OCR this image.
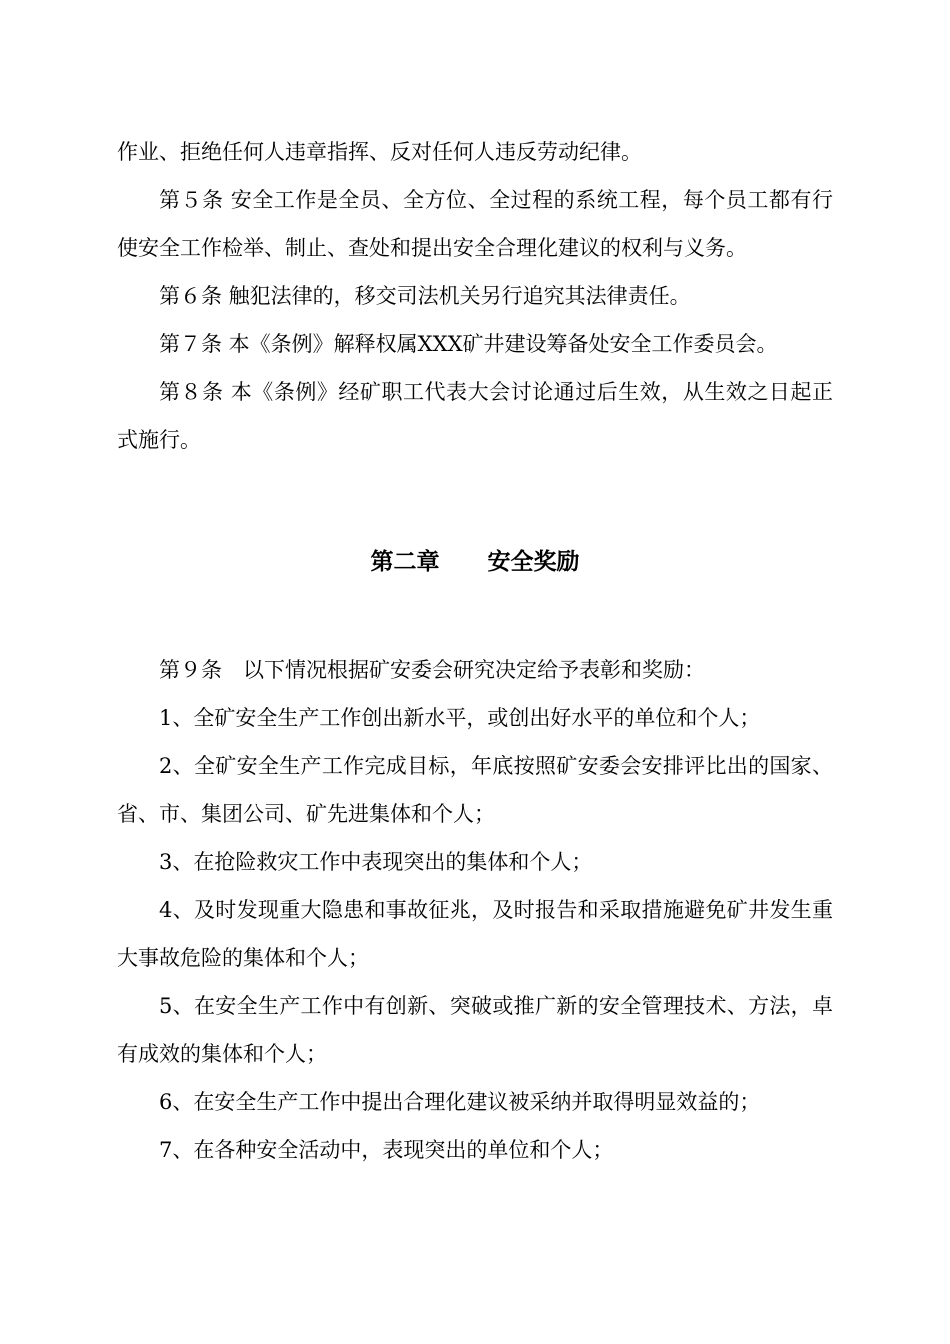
作业、拒绝任何人违章指挥、反对任何人违反劳动纪律。

第５条 安全工作是全员、全方位、全过程的系统工程，每个员工都有行使安全工作检举、制止、查处和提出安全合理化建议的权利与义务。

第６条 触犯法律的，移交司法机关另行追究其法律责任。

第７条 本《条例》解释权属XXX矿井建设筹备处安全工作委员会。

第８条 本《条例》经矿职工代表大会讨论通过后生效，从生效之日起正式施行。

第二章      安全奖励

第９条　以下情况根据矿安委会研究决定给予表彰和奖励：

1、全矿安全生产工作创出新水平，或创出好水平的单位和个人；

2、全矿安全生产工作完成目标，年底按照矿安委会安排评比出的国家、省、市、集团公司、矿先进集体和个人；

3、在抢险救灾工作中表现突出的集体和个人；

4、及时发现重大隐患和事故征兆，及时报告和采取措施避免矿井发生重大事故危险的集体和个人；

5、在安全生产工作中有创新、突破或推广新的安全管理技术、方法，卓有成效的集体和个人；

6、在安全生产工作中提出合理化建议被采纳并取得明显效益的；

7、在各种安全活动中，表现突出的单位和个人；
